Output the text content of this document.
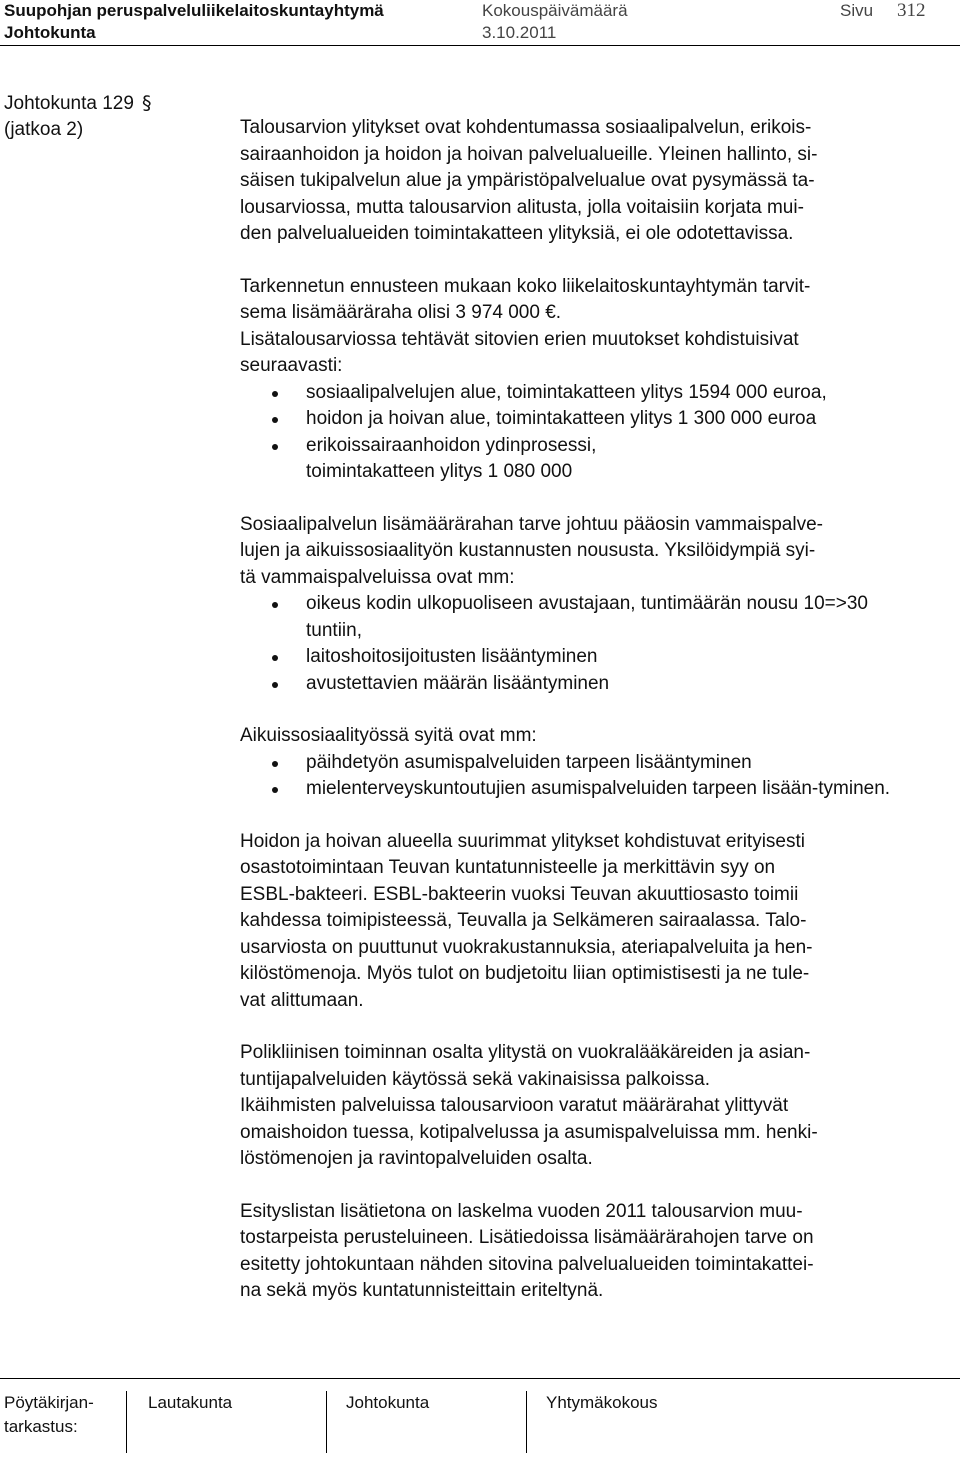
Suupohjan peruspalveluliikelaitoskuntayhtymä	Kokouspäivämäärä	Sivu 312
Johtokunta	3.10.2011
Johtokunta 129 §
(jatkoa 2)	Talousarvion ylitykset ovat kohdentumassa sosiaalipalvelun, erikois-
sairaanhoidon ja hoidon ja hoivan palvelualueille. Yleinen hallinto, si-
säisen tukipalvelun alue ja ympäristöpalvelualue ovat pysymässä ta-
lousarviossa, mutta talousarvion alitusta, jolla voitaisiin korjata mui-
den palvelualueiden toimintakatteen ylityksiä, ei ole odotettavissa.

Tarkennetun ennusteen mukaan koko liikelaitoskuntayhtymän tarvit-
sema lisämääräraha olisi 3 974 000 €.
Lisätalousarviossa tehtävät sitovien erien muutokset kohdistuisivat
seuraavasti:

sosiaalipalvelujen alue, toimintakatteen ylitys 1594 000 euroa,
hoidon ja hoivan alue, toimintakatteen ylitys 1 300 000 euroa
erikoissairaanhoidon ydinprosessi, toimintakatteen ylitys 1 080 000

Sosiaalipalvelun lisämäärärahan tarve johtuu pääosin vammaispalve-
lujen ja aikuissosiaalityön kustannusten noususta. Yksilöidympiä syi-
tä vammaispalveluissa ovat mm:

oikeus kodin ulkopuoliseen avustajaan, tuntimäärän nousu 10=>30 tuntiin,
laitoshoitosijoitusten lisääntyminen
avustettavien määrän lisääntyminen

Aikuissosiaalityössä syitä ovat mm:

päihdetyön asumispalveluiden tarpeen lisääntyminen
mielenterveyskuntoutujien asumispalveluiden tarpeen lisään-tyminen.

Hoidon ja hoivan alueella suurimmat ylitykset kohdistuvat erityisesti
osastotoimintaan Teuvan kuntatunnisteelle ja merkittävin syy on
ESBL-bakteeri. ESBL-bakteerin vuoksi Teuvan akuuttiosasto toimii
kahdessa toimipisteessä, Teuvalla ja Selkämeren sairaalassa. Talo-
usarviosta on puuttunut vuokrakustannuksia, ateriapalveluita ja hen-
kilöstömenoja. Myös tulot on budjetoitu liian optimistisesti ja ne tule-
vat alittumaan.

Polikliinisen toiminnan osalta ylitystä on vuokralääkäreiden ja asian-
tuntijapalveluiden käytössä sekä vakinaisissa palkoissa.
Ikäihmisten palveluissa talousarvioon varatut määrärahat ylittyvät
omaishoidon tuessa, kotipalvelussa ja asumispalveluissa mm. henki-
löstömenojen ja ravintopalveluiden osalta.

Esityslistan lisätietona on laskelma vuoden 2011 talousarvion muu-
tostarpeista perusteluineen. Lisätiedoissa lisämäärärahojen tarve on
esitetty johtokuntaan nähden sitovina palvelualueiden toimintakattei-
na sekä myös kuntatunnisteittain eriteltynä.

Pöytäkirjan-
tarkastus:
Lautakunta	Johtokunta	Yhtymäkokous
